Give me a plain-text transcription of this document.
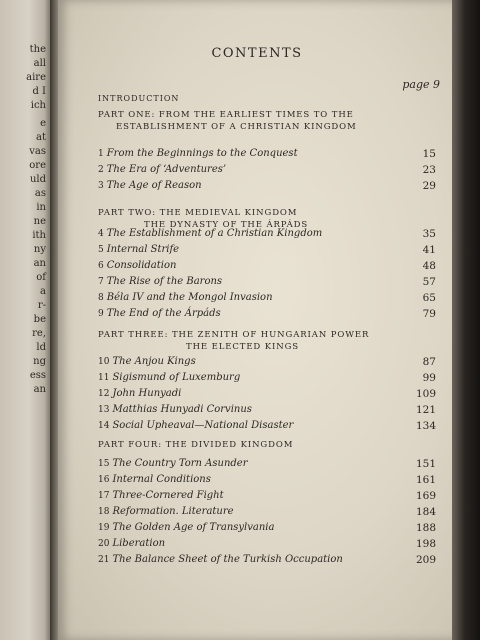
the
all
aire
d I
ich
e
at
vas
ore
uld
as
in
ne
ith
ny
an
of
a
r-
be
re,
ld
ng
ess
an
CONTENTS
page 9
INTRODUCTION
PART ONE: FROM THE EARLIEST TIMES TO THE
ESTABLISHMENT OF A CHRISTIAN KINGDOM
1 From the Beginnings to the Conquest	15
2 The Era of ‘Adventures’	23
3 The Age of Reason	29
PART TWO: THE MEDIEVAL KINGDOM
THE DYNASTY OF THE ÁRPÁDS
4 The Establishment of a Christian Kingdom	35
5 Internal Strife	41
6 Consolidation	48
7 The Rise of the Barons	57
8 Béla IV and the Mongol Invasion	65
9 The End of the Árpáds	79
PART THREE: THE ZENITH OF HUNGARIAN POWER
THE ELECTED KINGS
10 The Anjou Kings	87
11 Sigismund of Luxemburg	99
12 John Hunyadi	109
13 Matthias Hunyadi Corvinus	121
14 Social Upheaval—National Disaster	134
PART FOUR: THE DIVIDED KINGDOM
15 The Country Torn Asunder	151
16 Internal Conditions	161
17 Three-Cornered Fight	169
18 Reformation. Literature	184
19 The Golden Age of Transylvania	188
20 Liberation	198
21 The Balance Sheet of the Turkish Occupation	209
